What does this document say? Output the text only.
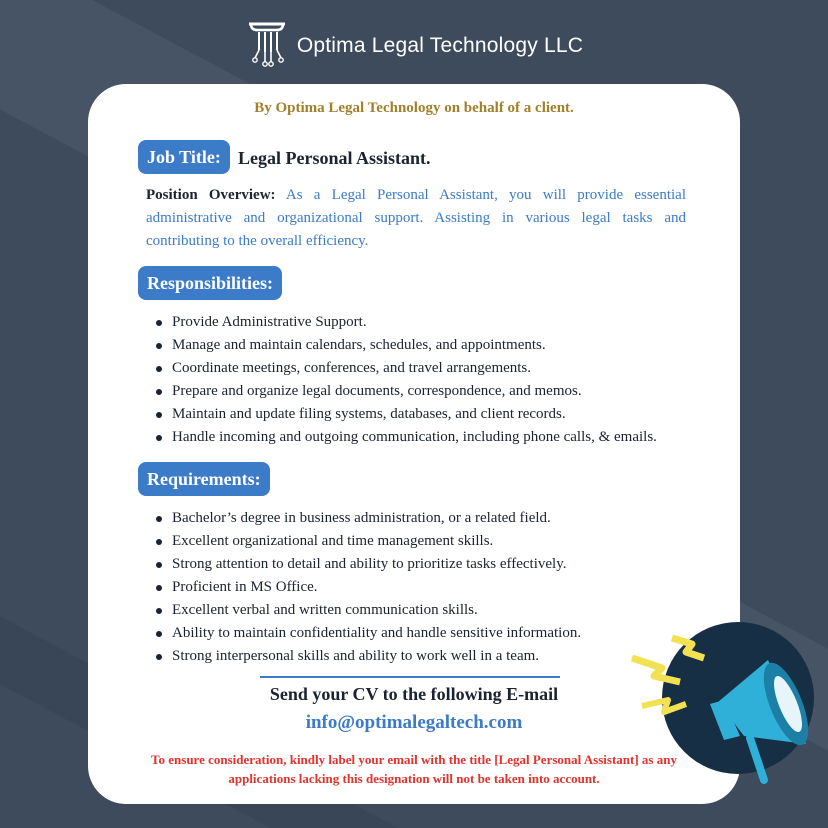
Optima Legal Technology LLC
By Optima Legal Technology on behalf of a client.
Job Title: Legal Personal Assistant.
Position Overview: As a Legal Personal Assistant, you will provide essential administrative and organizational support. Assisting in various legal tasks and contributing to the overall efficiency.
Responsibilities:
Provide Administrative Support.
Manage and maintain calendars, schedules, and appointments.
Coordinate meetings, conferences, and travel arrangements.
Prepare and organize legal documents, correspondence, and memos.
Maintain and update filing systems, databases, and client records.
Handle incoming and outgoing communication, including phone calls, & emails.
Requirements:
Bachelor’s degree in business administration, or a related field.
Excellent organizational and time management skills.
Strong attention to detail and ability to prioritize tasks effectively.
Proficient in MS Office.
Excellent verbal and written communication skills.
Ability to maintain confidentiality and handle sensitive information.
Strong interpersonal skills and ability to work well in a team.
Send your CV to the following E-mail
info@optimalegaltech.com
To ensure consideration, kindly label your email with the title [Legal Personal Assistant] as any applications lacking this designation will not be taken into account.
